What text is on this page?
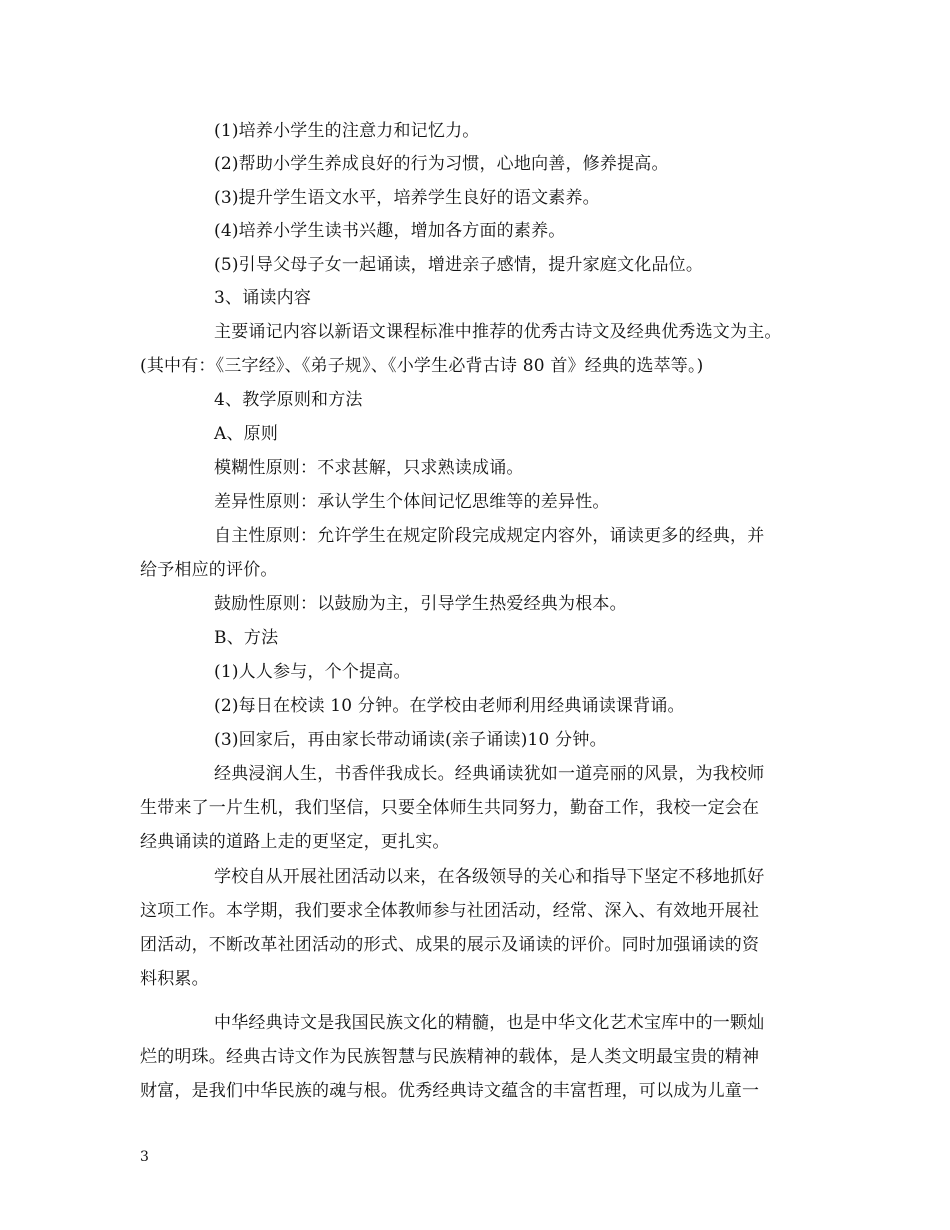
(1)培养小学生的注意力和记忆力。
(2)帮助小学生养成良好的行为习惯，心地向善，修养提高。
(3)提升学生语文水平，培养学生良好的语文素养。
(4)培养小学生读书兴趣，增加各方面的素养。
(5)引导父母子女一起诵读，增进亲子感情，提升家庭文化品位。
3、诵读内容
主要诵记内容以新语文课程标准中推荐的优秀古诗文及经典优秀选文为主。
(其中有：《三字经》、《弟子规》、《小学生必背古诗 80 首》经典的选萃等。)
4、教学原则和方法
A、原则
模糊性原则：不求甚解，只求熟读成诵。
差异性原则：承认学生个体间记忆思维等的差异性。
自主性原则：允许学生在规定阶段完成规定内容外，诵读更多的经典，并
给予相应的评价。
鼓励性原则：以鼓励为主，引导学生热爱经典为根本。
B、方法
(1)人人参与，个个提高。
(2)每日在校读 10 分钟。在学校由老师利用经典诵读课背诵。
(3)回家后，再由家长带动诵读(亲子诵读)10 分钟。
经典浸润人生，书香伴我成长。经典诵读犹如一道亮丽的风景，为我校师
生带来了一片生机，我们坚信，只要全体师生共同努力，勤奋工作，我校一定会在
经典诵读的道路上走的更坚定，更扎实。
学校自从开展社团活动以来，在各级领导的关心和指导下坚定不移地抓好
这项工作。本学期，我们要求全体教师参与社团活动，经常、深入、有效地开展社
团活动，不断改革社团活动的形式、成果的展示及诵读的评价。同时加强诵读的资
料积累。
中华经典诗文是我国民族文化的精髓，也是中华文化艺术宝库中的一颗灿
烂的明珠。经典古诗文作为民族智慧与民族精神的载体，是人类文明最宝贵的精神
财富，是我们中华民族的魂与根。优秀经典诗文蕴含的丰富哲理，可以成为儿童一
3
